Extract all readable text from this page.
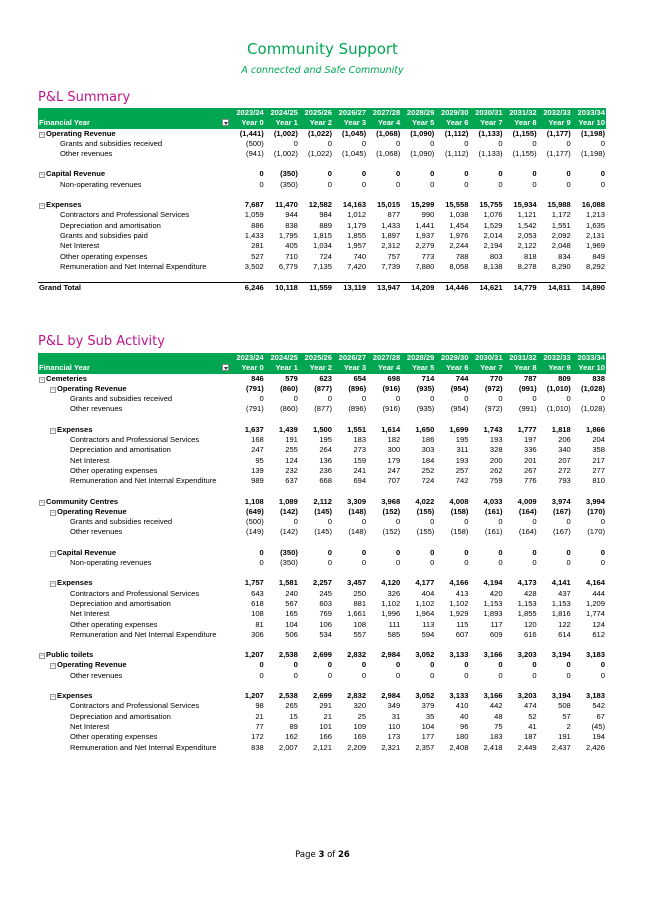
Community Support
A connected and Safe Community
P&L Summary
	2023/24	2024/25	2025/26	2026/27	2027/28	2028/29	2029/30	2030/31	2031/32	2032/33	2033/34
Financial Year	Year 0	Year 1	Year 2	Year 3	Year 4	Year 5	Year 6	Year 7	Year 8	Year 9	Year 10
− Operating Revenue	(1,441)	(1,002)	(1,022)	(1,045)	(1,068)	(1,090)	(1,112)	(1,133)	(1,155)	(1,177)	(1,198)
Grants and subsidies received	(500)	0	0	0	0	0	0	0	0	0	0
Other revenues	(941)	(1,002)	(1,022)	(1,045)	(1,068)	(1,090)	(1,112)	(1,133)	(1,155)	(1,177)	(1,198)

− Capital Revenue	0	(350)	0	0	0	0	0	0	0	0	0
Non-operating revenues	0	(350)	0	0	0	0	0	0	0	0	0

− Expenses	7,687	11,470	12,582	14,163	15,015	15,299	15,558	15,755	15,934	15,988	16,088
Contractors and Professional Services	1,059	944	984	1,012	877	990	1,038	1,076	1,121	1,172	1,213
Depreciation and amortisation	886	838	889	1,179	1,433	1,441	1,454	1,529	1,542	1,551	1,635
Grants and subsidies paid	1,433	1,795	1,815	1,855	1,897	1,937	1,976	2,014	2,053	2,092	2,131
Net Interest	281	405	1,034	1,957	2,312	2,279	2,244	2,194	2,122	2,048	1,969
Other operating expenses	527	710	724	740	757	773	788	803	818	834	849
Remuneration and Net Internal Expenditure	3,502	6,779	7,135	7,420	7,739	7,880	8,058	8,138	8,278	8,290	8,292

Grand Total	6,246	10,118	11,559	13,119	13,947	14,209	14,446	14,621	14,779	14,811	14,890
P&L by Sub Activity
	2023/24	2024/25	2025/26	2026/27	2027/28	2028/29	2029/30	2030/31	2031/32	2032/33	2033/34
Financial Year	Year 0	Year 1	Year 2	Year 3	Year 4	Year 5	Year 6	Year 7	Year 8	Year 9	Year 10
− Cemeteries	846	579	623	654	698	714	744	770	787	809	838
− Operating Revenue	(791)	(860)	(877)	(896)	(916)	(935)	(954)	(972)	(991)	(1,010)	(1,028)
Grants and subsidies received	0	0	0	0	0	0	0	0	0	0	0
Other revenues	(791)	(860)	(877)	(896)	(916)	(935)	(954)	(972)	(991)	(1,010)	(1,028)

− Expenses	1,637	1,439	1,500	1,551	1,614	1,650	1,699	1,743	1,777	1,818	1,866
Contractors and Professional Services	168	191	195	183	182	186	195	193	197	206	204
Depreciation and amortisation	247	255	264	273	300	303	311	328	336	340	358
Net Interest	95	124	136	159	179	184	193	200	201	207	217
Other operating expenses	139	232	236	241	247	252	257	262	267	272	277
Remuneration and Net Internal Expenditure	989	637	668	694	707	724	742	759	776	793	810

− Community Centres	1,108	1,089	2,112	3,309	3,968	4,022	4,008	4,033	4,009	3,974	3,994
− Operating Revenue	(649)	(142)	(145)	(148)	(152)	(155)	(158)	(161)	(164)	(167)	(170)
Grants and subsidies received	(500)	0	0	0	0	0	0	0	0	0	0
Other revenues	(149)	(142)	(145)	(148)	(152)	(155)	(158)	(161)	(164)	(167)	(170)

− Capital Revenue	0	(350)	0	0	0	0	0	0	0	0	0
Non-operating revenues	0	(350)	0	0	0	0	0	0	0	0	0

− Expenses	1,757	1,581	2,257	3,457	4,120	4,177	4,166	4,194	4,173	4,141	4,164
Contractors and Professional Services	643	240	245	250	326	404	413	420	428	437	444
Depreciation and amortisation	618	567	603	881	1,102	1,102	1,102	1,153	1,153	1,153	1,209
Net Interest	108	165	769	1,661	1,996	1,964	1,929	1,893	1,855	1,816	1,774
Other operating expenses	81	104	106	108	111	113	115	117	120	122	124
Remuneration and Net Internal Expenditure	306	506	534	557	585	594	607	609	616	614	612

− Public toilets	1,207	2,538	2,699	2,832	2,984	3,052	3,133	3,166	3,203	3,194	3,183
− Operating Revenue	0	0	0	0	0	0	0	0	0	0	0
Other revenues	0	0	0	0	0	0	0	0	0	0	0

− Expenses	1,207	2,538	2,699	2,832	2,984	3,052	3,133	3,166	3,203	3,194	3,183
Contractors and Professional Services	98	265	291	320	349	379	410	442	474	508	542
Depreciation and amortisation	21	15	21	25	31	35	40	48	52	57	67
Net Interest	77	89	101	109	110	104	96	75	41	2	(45)
Other operating expenses	172	162	166	169	173	177	180	183	187	191	194
Remuneration and Net Internal Expenditure	838	2,007	2,121	2,209	2,321	2,357	2,408	2,418	2,449	2,437	2,426
Page 3 of 26
